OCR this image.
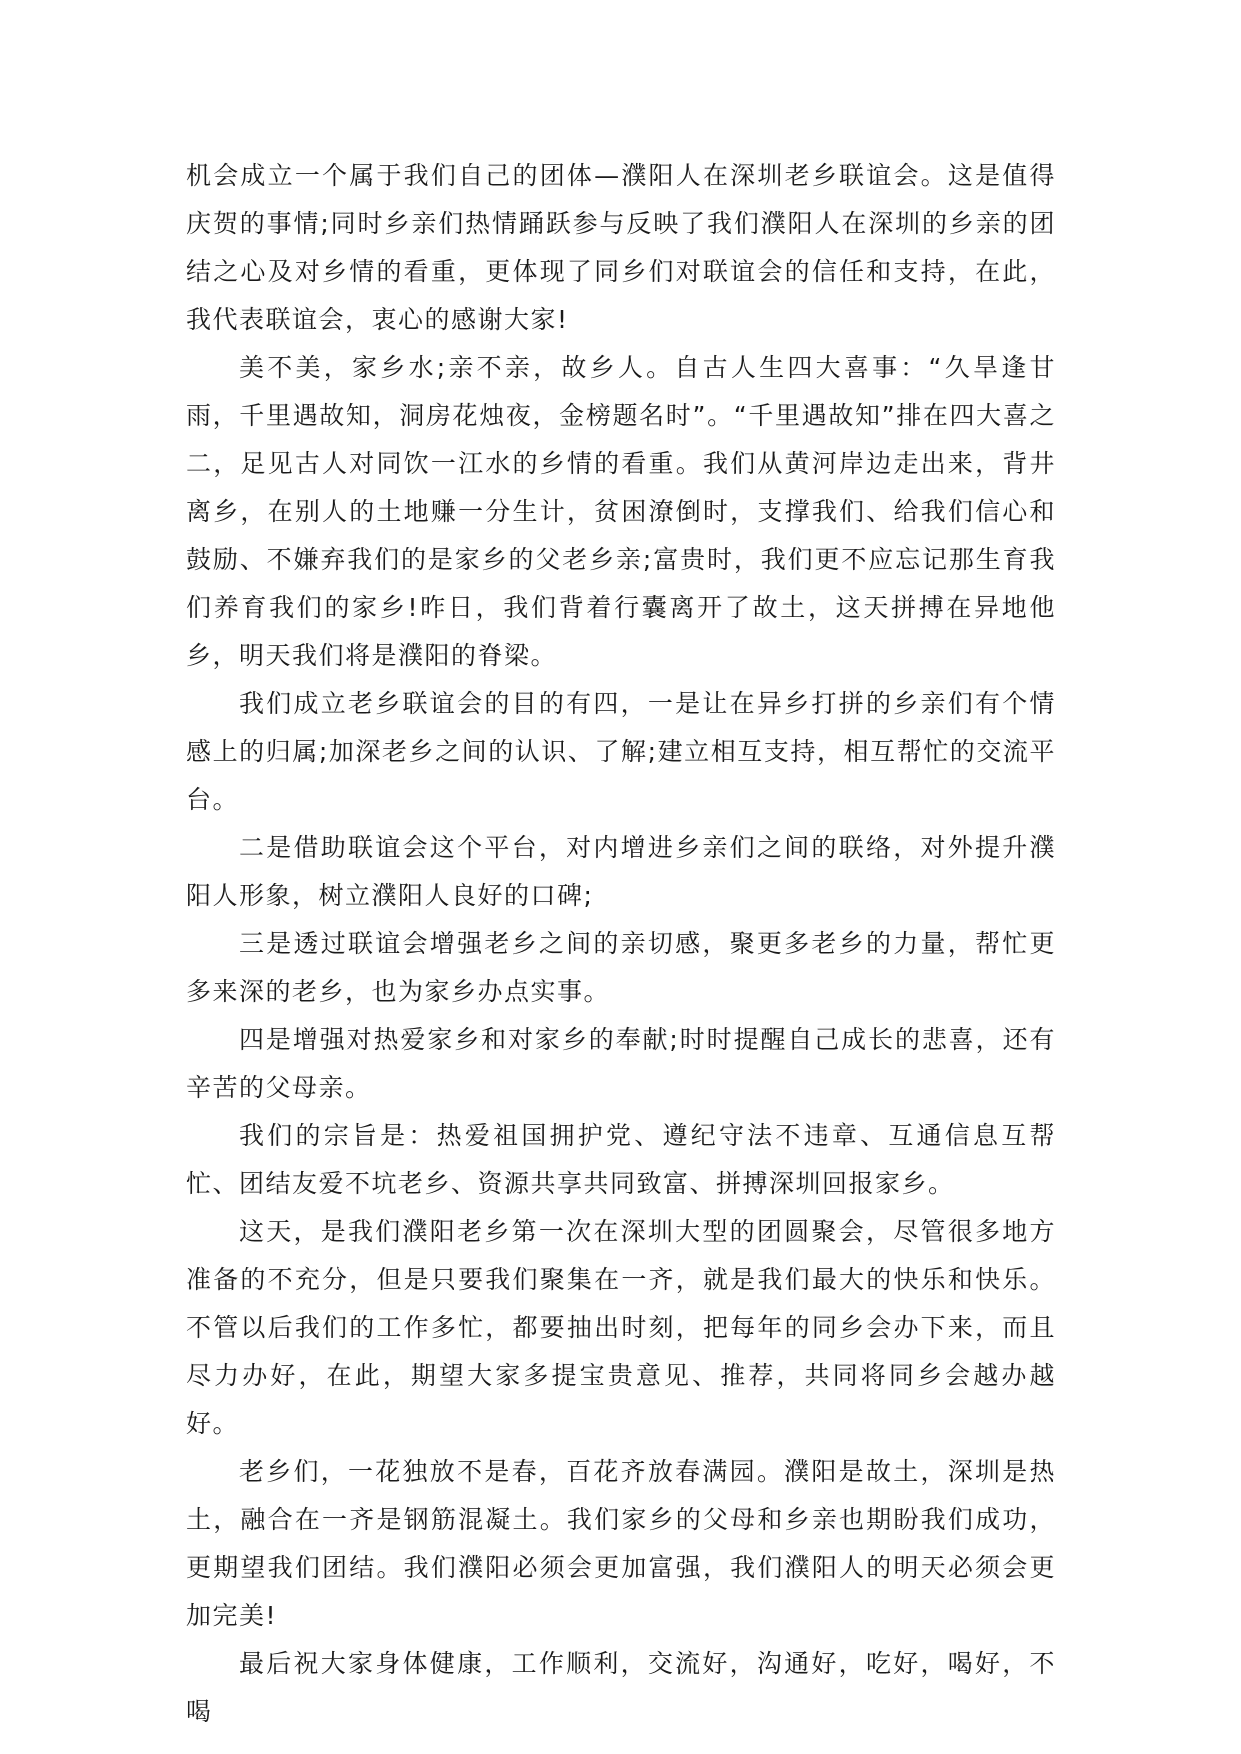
机会成立一个属于我们自己的团体—濮阳人在深圳老乡联谊会。这是值得庆贺的事情;同时乡亲们热情踊跃参与反映了我们濮阳人在深圳的乡亲的团结之心及对乡情的看重，更体现了同乡们对联谊会的信任和支持，在此，我代表联谊会，衷心的感谢大家!

美不美，家乡水;亲不亲，故乡人。自古人生四大喜事：“久旱逢甘雨，千里遇故知，洞房花烛夜，金榜题名时”。“千里遇故知”排在四大喜之二，足见古人对同饮一江水的乡情的看重。我们从黄河岸边走出来，背井离乡，在别人的土地赚一分生计，贫困潦倒时，支撑我们、给我们信心和鼓励、不嫌弃我们的是家乡的父老乡亲;富贵时，我们更不应忘记那生育我们养育我们的家乡!昨日，我们背着行囊离开了故土，这天拼搏在异地他乡，明天我们将是濮阳的脊梁。

我们成立老乡联谊会的目的有四，一是让在异乡打拼的乡亲们有个情感上的归属;加深老乡之间的认识、了解;建立相互支持，相互帮忙的交流平台。

二是借助联谊会这个平台，对内增进乡亲们之间的联络，对外提升濮阳人形象，树立濮阳人良好的口碑;

三是透过联谊会增强老乡之间的亲切感，聚更多老乡的力量，帮忙更多来深的老乡，也为家乡办点实事。

四是增强对热爱家乡和对家乡的奉献;时时提醒自己成长的悲喜，还有辛苦的父母亲。

我们的宗旨是：热爱祖国拥护党、遵纪守法不违章、互通信息互帮忙、团结友爱不坑老乡、资源共享共同致富、拼搏深圳回报家乡。

这天，是我们濮阳老乡第一次在深圳大型的团圆聚会，尽管很多地方准备的不充分，但是只要我们聚集在一齐，就是我们最大的快乐和快乐。不管以后我们的工作多忙，都要抽出时刻，把每年的同乡会办下来，而且尽力办好，在此，期望大家多提宝贵意见、推荐，共同将同乡会越办越好。

老乡们，一花独放不是春，百花齐放春满园。濮阳是故土，深圳是热土，融合在一齐是钢筋混凝土。我们家乡的父母和乡亲也期盼我们成功，更期望我们团结。我们濮阳必须会更加富强，我们濮阳人的明天必须会更加完美!

最后祝大家身体健康，工作顺利，交流好，沟通好，吃好，喝好，不喝
